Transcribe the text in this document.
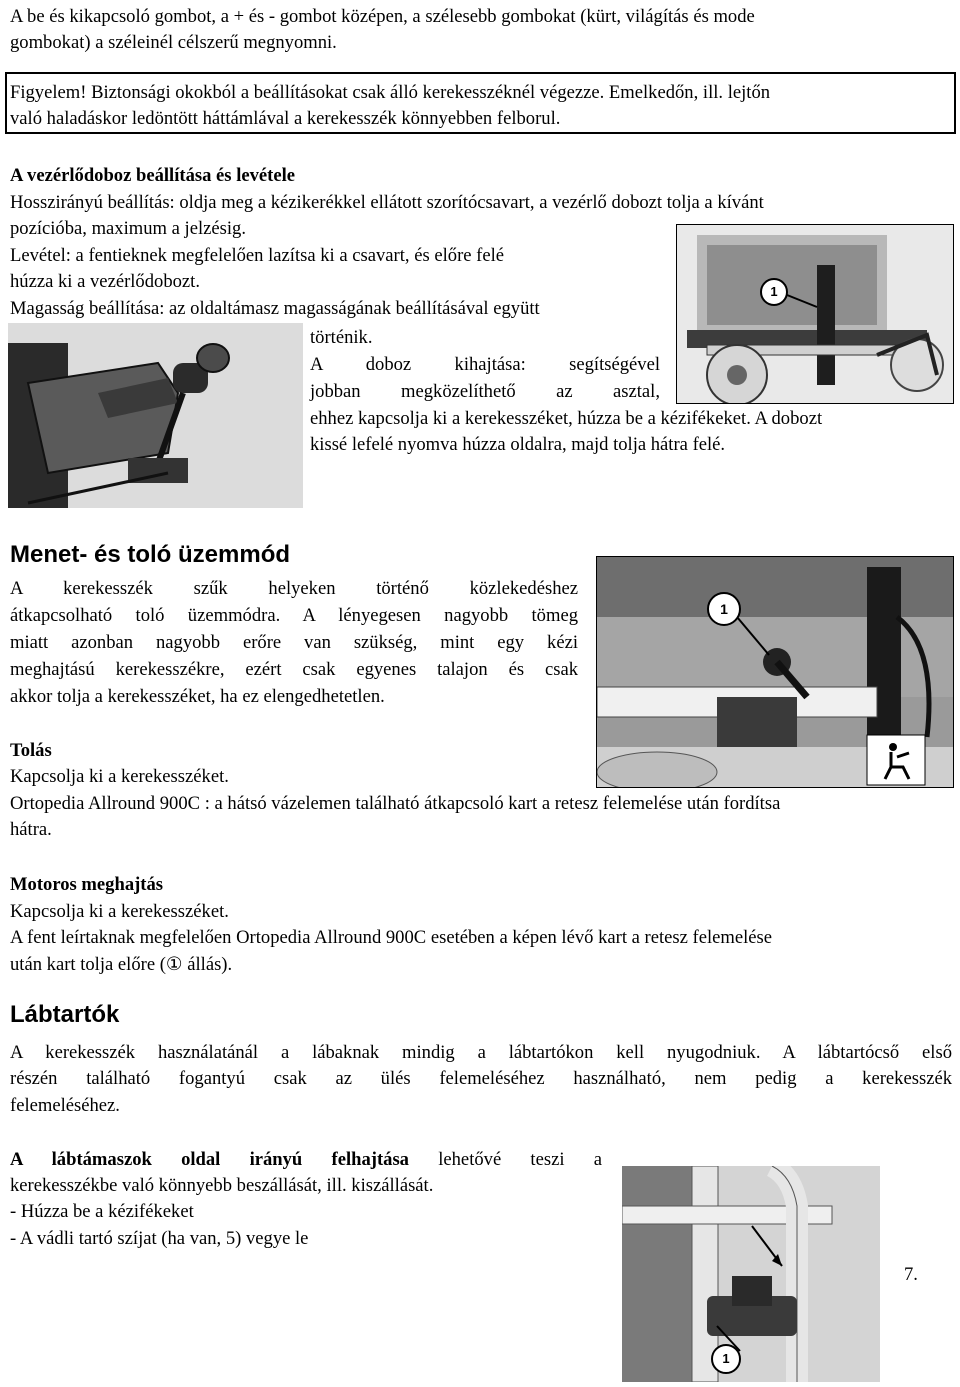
A be és kikapcsoló gombot, a + és - gombot középen, a szélesebb gombokat (kürt, világítás és mode
gombokat) a széleinél célszerű megnyomni.
Figyelem! Biztonsági okokból a beállításokat csak álló kerekesszéknél végezze. Emelkedőn, ill. lejtőn
való haladáskor ledöntött háttámlával a kerekesszék könnyebben felborul.
A vezérlődoboz beállítása és levétele
Hosszirányú beállítás: oldja meg a kézikerékkel ellátott szorítócsavart, a vezérlő dobozt tolja a kívánt
pozícióba, maximum a jelzésig.
Levétel: a fentieknek megfelelően lazítsa ki a csavart, és előre felé
húzza ki a vezérlődobozt.
Magasság beállítása: az oldaltámasz magasságának beállításával együtt
történik.
A doboz kihajtása: segítségével
jobban megközelíthető az asztal,
ehhez kapcsolja ki a kerekesszéket, húzza be a kézifékeket. A dobozt
kissé lefelé nyomva húzza oldalra, majd tolja hátra felé.
1
Menet- és toló üzemmód
A kerekesszék szűk helyeken történő közlekedéshez
átkapcsolható toló üzemmódra. A lényegesen nagyobb tömeg
miatt azonban nagyobb erőre van szükség, mint egy kézi
meghajtású kerekesszékre, ezért csak egyenes talajon és csak
akkor tolja a kerekesszéket, ha ez elengedhetetlen.
1
Tolás
Kapcsolja ki a kerekesszéket.
Ortopedia Allround 900C : a hátsó vázelemen található átkapcsoló kart a retesz felemelése után fordítsa
hátra.
Motoros meghajtás
Kapcsolja ki a kerekesszéket.
A fent leírtaknak megfelelően Ortopedia Allround 900C esetében a képen lévő kart a retesz felemelése
után kart tolja előre (① állás).
Lábtartók
A kerekesszék használatánál a lábaknak mindig a lábtartókon kell nyugodniuk. A lábtartócső első
részén található fogantyú csak az ülés felemeléséhez használható, nem pedig a kerekesszék
felemeléséhez.
A lábtámaszok oldal irányú felhajtása lehetővé teszi a
kerekesszékbe való könnyebb beszállását, ill. kiszállását.
- Húzza be a kézifékeket
- A vádli tartó szíjat (ha van, 5) vegye le
1
7.
